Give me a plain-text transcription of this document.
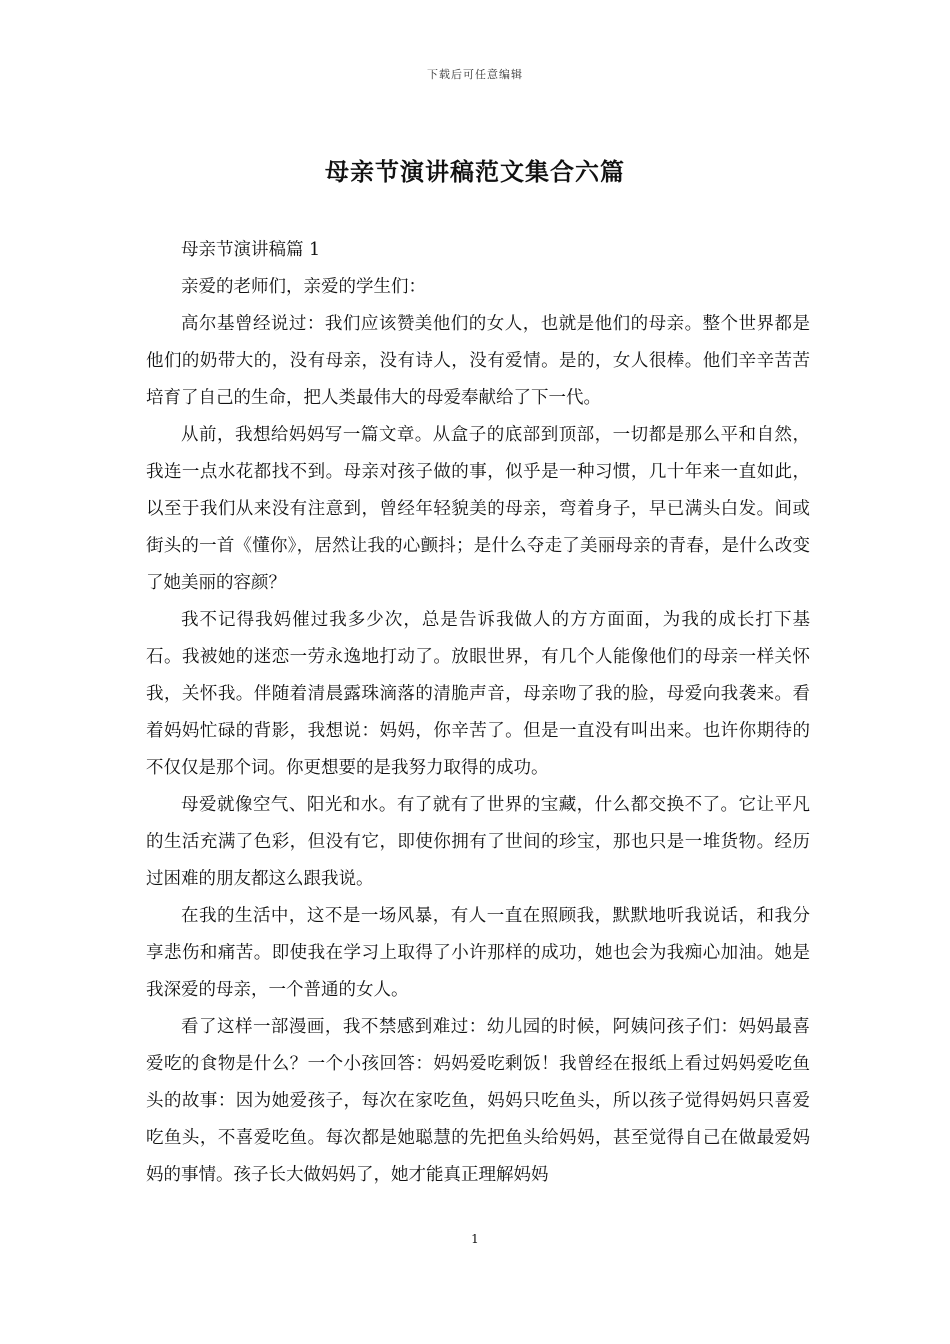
下载后可任意编辑
母亲节演讲稿范文集合六篇

母亲节演讲稿篇 1

亲爱的老师们，亲爱的学生们：

高尔基曾经说过：我们应该赞美他们的女人，也就是他们的母亲。整个世界都是他们的奶带大的，没有母亲，没有诗人，没有爱情。是的，女人很棒。他们辛辛苦苦培育了自己的生命，把人类最伟大的母爱奉献给了下一代。

从前，我想给妈妈写一篇文章。从盒子的底部到顶部，一切都是那么平和自然，我连一点水花都找不到。母亲对孩子做的事，似乎是一种习惯，几十年来一直如此，以至于我们从来没有注意到，曾经年轻貌美的母亲，弯着身子，早已满头白发。间或街头的一首《懂你》，居然让我的心颤抖；是什么夺走了美丽母亲的青春，是什么改变了她美丽的容颜？

我不记得我妈催过我多少次，总是告诉我做人的方方面面，为我的成长打下基石。我被她的迷恋一劳永逸地打动了。放眼世界，有几个人能像他们的母亲一样关怀我，关怀我。伴随着清晨露珠滴落的清脆声音，母亲吻了我的脸，母爱向我袭来。看着妈妈忙碌的背影，我想说：妈妈，你辛苦了。但是一直没有叫出来。也许你期待的不仅仅是那个词。你更想要的是我努力取得的成功。

母爱就像空气、阳光和水。有了就有了世界的宝藏，什么都交换不了。它让平凡的生活充满了色彩，但没有它，即使你拥有了世间的珍宝，那也只是一堆货物。经历过困难的朋友都这么跟我说。

在我的生活中，这不是一场风暴，有人一直在照顾我，默默地听我说话，和我分享悲伤和痛苦。即使我在学习上取得了小许那样的成功，她也会为我痴心加油。她是我深爱的母亲，一个普通的女人。

看了这样一部漫画，我不禁感到难过：幼儿园的时候，阿姨问孩子们：妈妈最喜爱吃的食物是什么？一个小孩回答：妈妈爱吃剩饭！我曾经在报纸上看过妈妈爱吃鱼头的故事：因为她爱孩子，每次在家吃鱼，妈妈只吃鱼头，所以孩子觉得妈妈只喜爱吃鱼头，不喜爱吃鱼。每次都是她聪慧的先把鱼头给妈妈，甚至觉得自己在做最爱妈妈的事情。孩子长大做妈妈了，她才能真正理解妈妈

1
